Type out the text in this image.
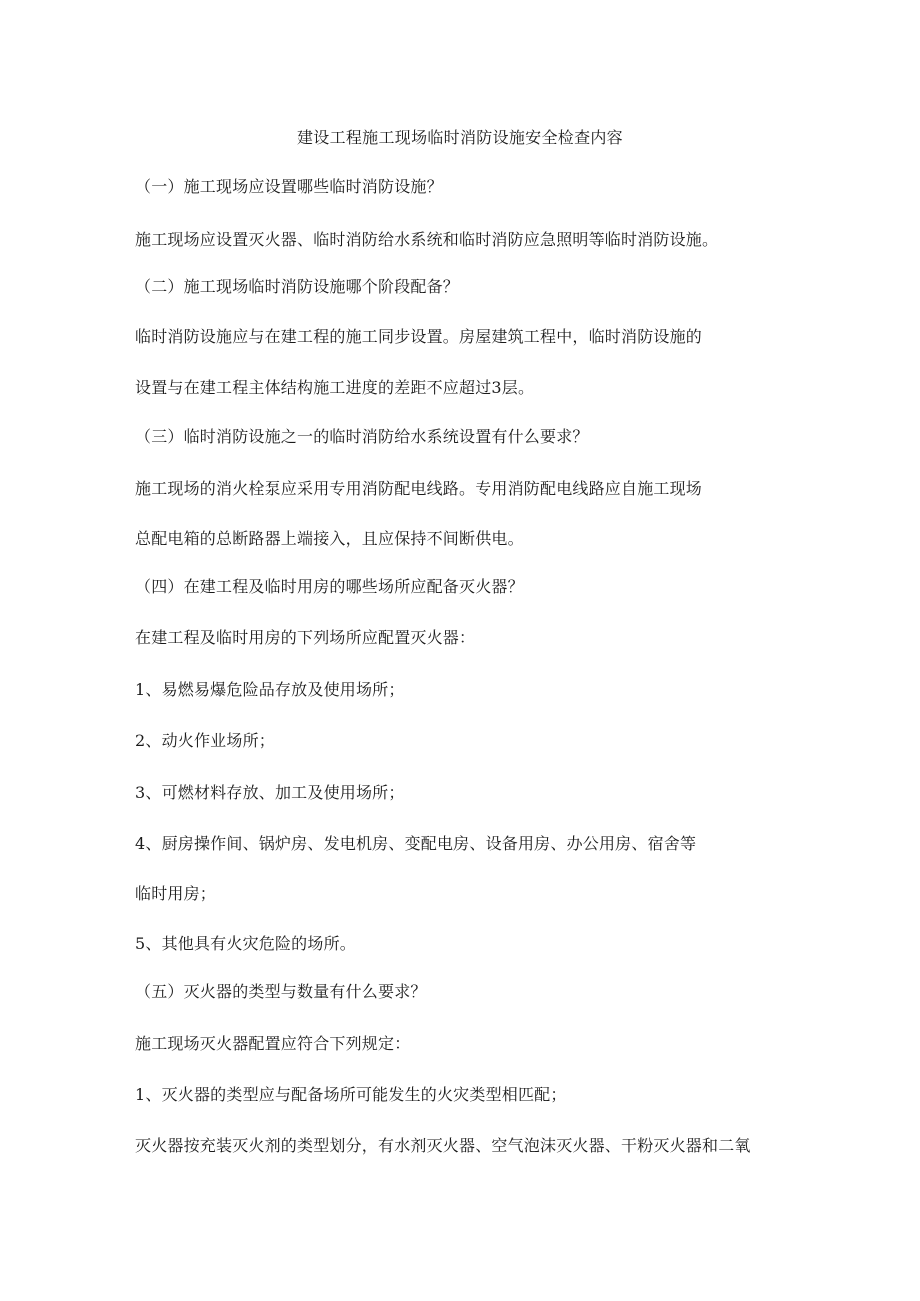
建设工程施工现场临时消防设施安全检查内容
（一）施工现场应设置哪些临时消防设施？
施工现场应设置灭火器、临时消防给水系统和临时消防应急照明等临时消防设施。
（二）施工现场临时消防设施哪个阶段配备？
临时消防设施应与在建工程的施工同步设置。房屋建筑工程中，临时消防设施的
设置与在建工程主体结构施工进度的差距不应超过3层。
（三）临时消防设施之一的临时消防给水系统设置有什么要求？
施工现场的消火栓泵应采用专用消防配电线路。专用消防配电线路应自施工现场
总配电箱的总断路器上端接入，且应保持不间断供电。
（四）在建工程及临时用房的哪些场所应配备灭火器？
在建工程及临时用房的下列场所应配置灭火器：
1、易燃易爆危险品存放及使用场所；
2、动火作业场所；
3、可燃材料存放、加工及使用场所；
4、厨房操作间、锅炉房、发电机房、变配电房、设备用房、办公用房、宿舍等
临时用房；
5、其他具有火灾危险的场所。
（五）灭火器的类型与数量有什么要求？
施工现场灭火器配置应符合下列规定：
1、灭火器的类型应与配备场所可能发生的火灾类型相匹配；
灭火器按充装灭火剂的类型划分，有水剂灭火器、空气泡沫灭火器、干粉灭火器和二氧
